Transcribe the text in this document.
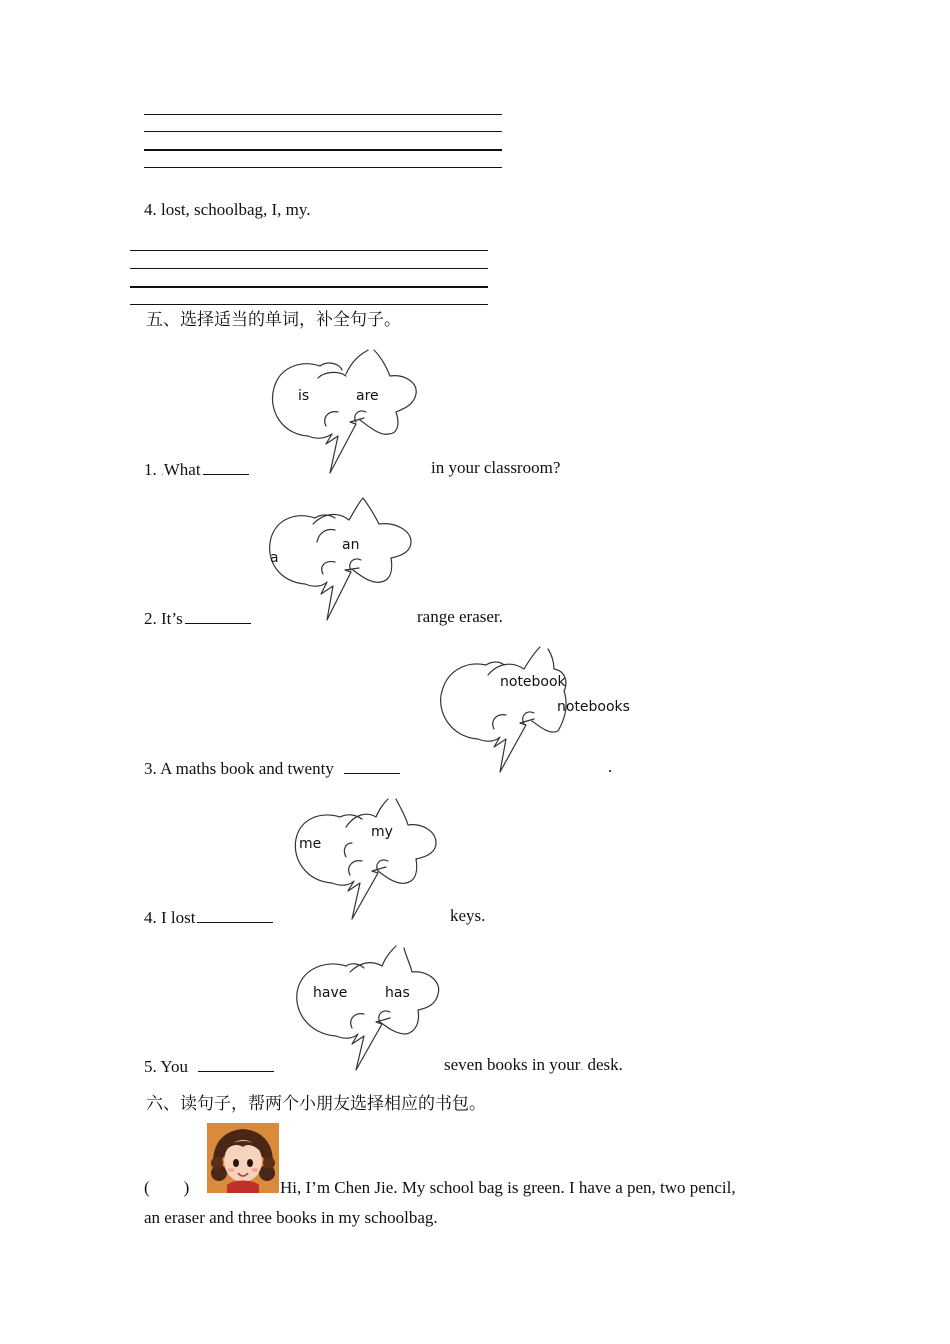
4. lost, schoolbag, I, my.
五、选择适当的单词，补全句子。
is	are
1. .What	in your classroom?
a
an
2. It’s	range eraser.
notebook
notebooks
3. A maths book and twenty	.
me
my
4. I lost	keys.
have	has
5. You	seven books in your. desk.
六、读句子，帮两个小朋友选择相应的书包。
(        )	Hi, I’m Chen Jie. My school bag is green. I have a pen, two pencil,
an eraser and three books in my schoolbag.
